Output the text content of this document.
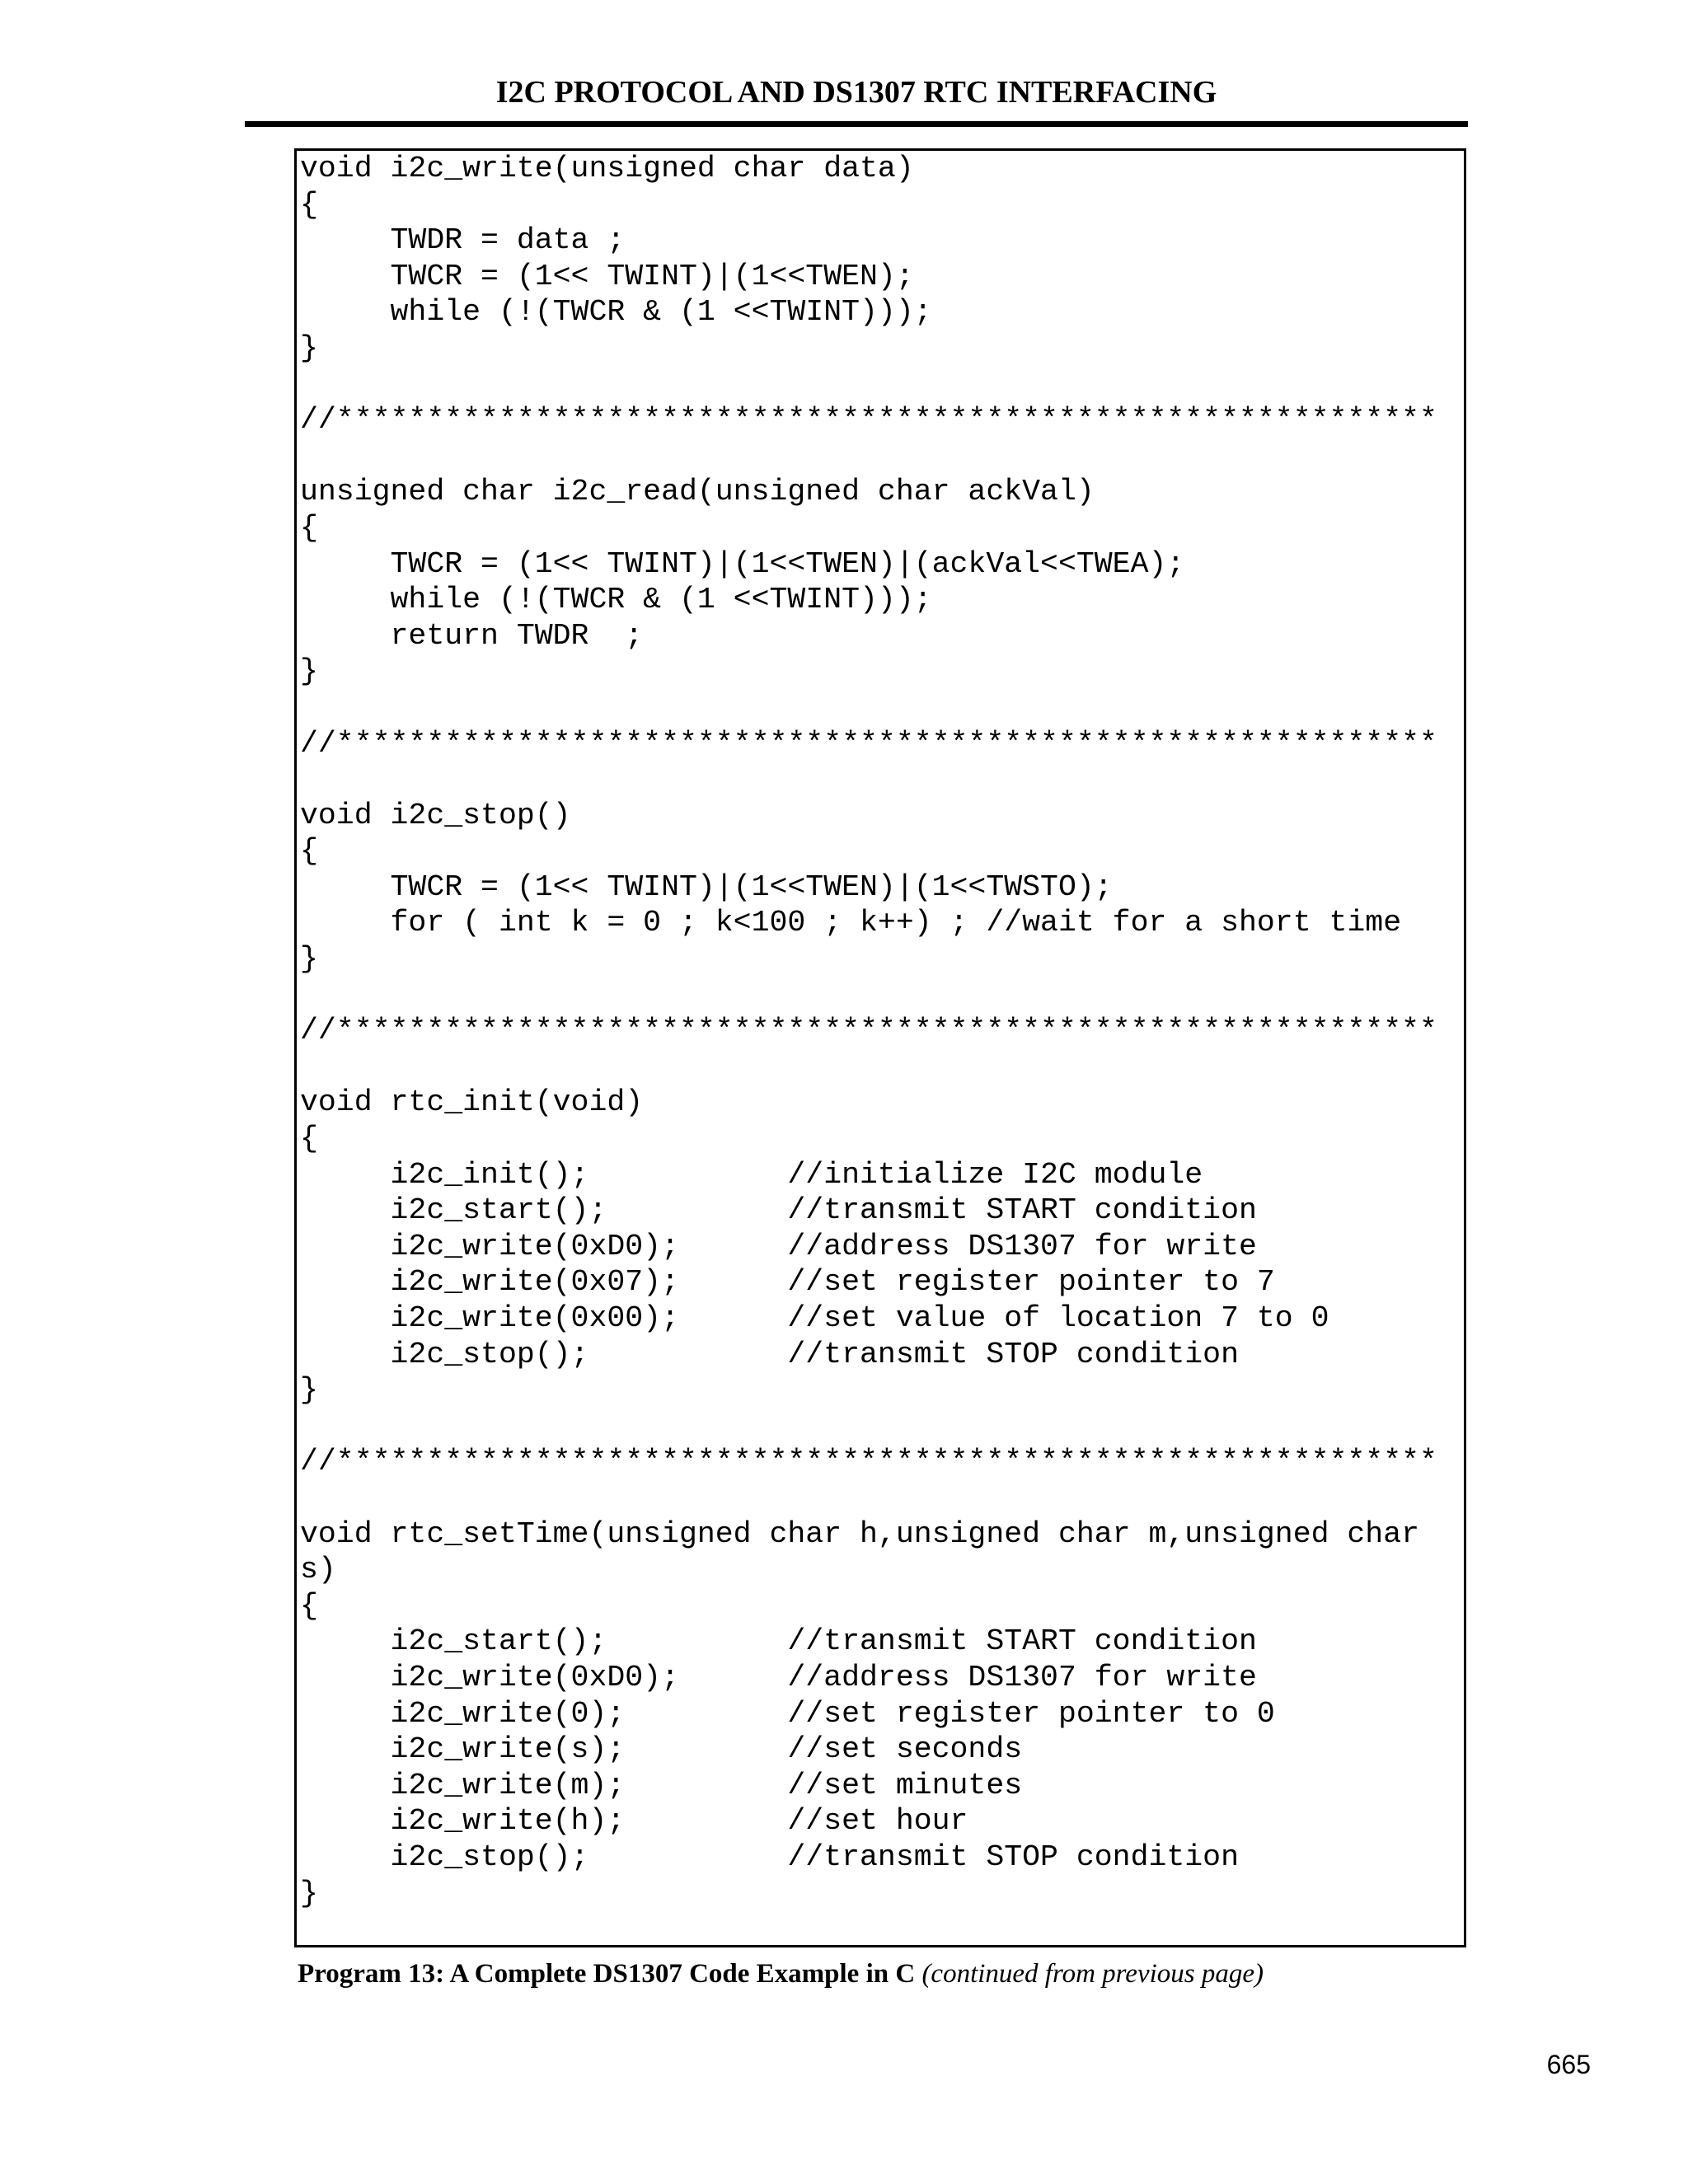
I2C PROTOCOL AND DS1307 RTC INTERFACING
void i2c_write(unsigned char data)
{
TWDR = data ;
TWCR = (1<< TWINT)|(1<<TWEN);
while (!(TWCR & (1 <<TWINT)));
}

//*************************************************************

unsigned char i2c_read(unsigned char ackVal)
{
TWCR = (1<< TWINT)|(1<<TWEN)|(ackVal<<TWEA);
while (!(TWCR & (1 <<TWINT)));
return TWDR  ;
}

//*************************************************************

void i2c_stop()
{
TWCR = (1<< TWINT)|(1<<TWEN)|(1<<TWSTO);
for ( int k = 0 ; k<100 ; k++) ; //wait for a short time
}

//*************************************************************

void rtc_init(void)
{
i2c_init();           //initialize I2C module
i2c_start();          //transmit START condition
i2c_write(0xD0);      //address DS1307 for write
i2c_write(0x07);      //set register pointer to 7
i2c_write(0x00);      //set value of location 7 to 0
i2c_stop();           //transmit STOP condition
}

//*************************************************************

void rtc_setTime(unsigned char h,unsigned char m,unsigned char
s)
{
i2c_start();          //transmit START condition
i2c_write(0xD0);      //address DS1307 for write
i2c_write(0);         //set register pointer to 0
i2c_write(s);         //set seconds
i2c_write(m);         //set minutes
i2c_write(h);         //set hour
i2c_stop();           //transmit STOP condition
}

Program 13: A Complete DS1307 Code Example in C (continued from previous page)
665
